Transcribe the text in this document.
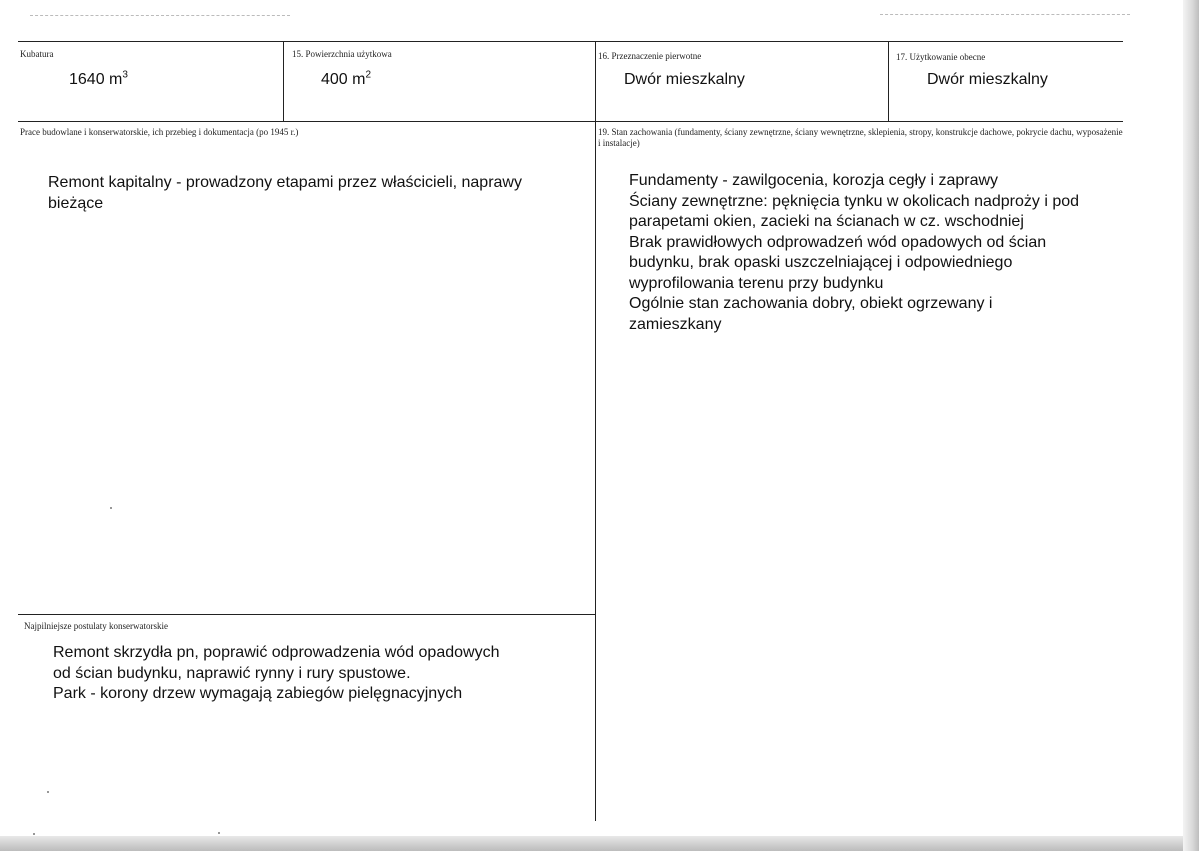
Kubatura
1640 $m^3$
15. Powierzchnia użytkowa
400 $m^2$
16. Przeznaczenie pierwotne
Dwór mieszkalny
17. Użytkowanie obecne
Dwór mieszkalny
Prace budowlane i konserwatorskie, ich przebieg i dokumentacja (po 1945 r.)
Remont kapitalny - prowadzony etapami przez właścicieli, naprawy
bieżące
19. Stan zachowania (fundamenty, ściany zewnętrzne, ściany wewnętrzne, sklepienia, stropy, konstrukcje dachowe, pokrycie dachu, wyposażenie i instalacje)
Fundamenty - zawilgocenia, korozja cegły i zaprawy
Ściany zewnętrzne: pęknięcia tynku w okolicach nadproży i pod
parapetami okien, zacieki na ścianach w cz. wschodniej
Brak prawidłowych odprowadzeń wód opadowych od ścian
budynku, brak opaski uszczelniającej i odpowiedniego
wyprofilowania terenu przy budynku
Ogólnie stan zachowania dobry, obiekt ogrzewany i
zamieszkany
Najpilniejsze postulaty konserwatorskie
Remont skrzydła pn, poprawić odprowadzenia wód opadowych
od ścian budynku, naprawić rynny i rury spustowe.
Park - korony drzew wymagają zabiegów pielęgnacyjnych
